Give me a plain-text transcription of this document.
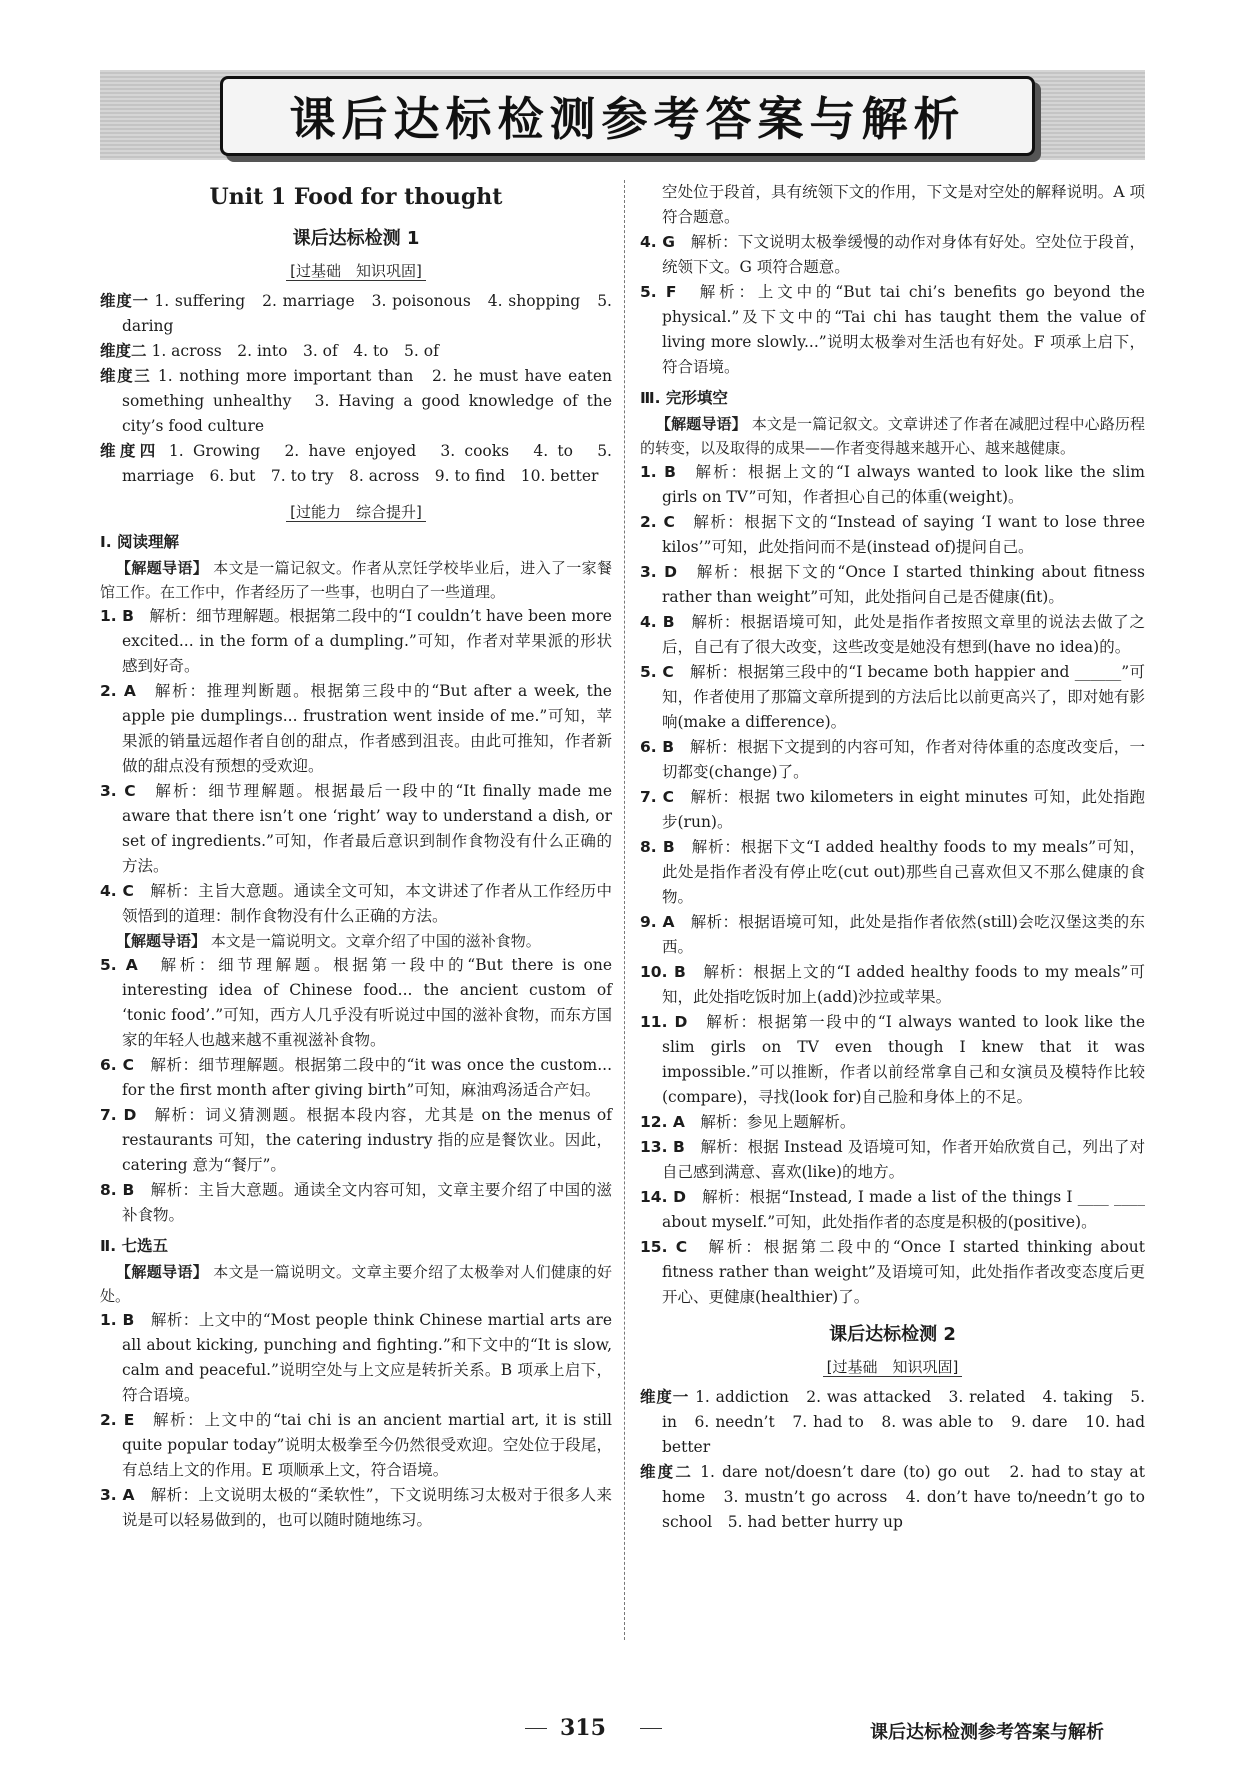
课后达标检测参考答案与解析
Unit 1 Food for thought
课后达标检测 1
[过基础　知识巩固]
维度一 1. suffering　2. marriage　3. poisonous　4. shopping　5. daring
维度二 1. across　2. into　3. of　4. to　5. of
维度三 1. nothing more important than　2. he must have eaten something unhealthy　3. Having a good knowledge of the city’s food culture
维度四 1. Growing　2. have enjoyed　3. cooks　4. to　5. marriage　6. but　7. to try　8. across　9. to find　10. better
[过能力　综合提升]
Ⅰ. 阅读理解
【解题导语】 本文是一篇记叙文。作者从烹饪学校毕业后，进入了一家餐馆工作。在工作中，作者经历了一些事，也明白了一些道理。
1. B　解析：细节理解题。根据第二段中的“I couldn’t have been more excited... in the form of a dumpling.”可知，作者对苹果派的形状感到好奇。
2. A　解析：推理判断题。根据第三段中的“But after a week, the apple pie dumplings... frustration went inside of me.”可知，苹果派的销量远超作者自创的甜点，作者感到沮丧。由此可推知，作者新做的甜点没有预想的受欢迎。
3. C　解析：细节理解题。根据最后一段中的“It finally made me aware that there isn’t one ‘right’ way to understand a dish, or set of ingredients.”可知，作者最后意识到制作食物没有什么正确的方法。
4. C　解析：主旨大意题。通读全文可知，本文讲述了作者从工作经历中领悟到的道理：制作食物没有什么正确的方法。
【解题导语】 本文是一篇说明文。文章介绍了中国的滋补食物。
5. A　解析：细节理解题。根据第一段中的“But there is one interesting idea of Chinese food... the ancient custom of ‘tonic food’.”可知，西方人几乎没有听说过中国的滋补食物，而东方国家的年轻人也越来越不重视滋补食物。
6. C　解析：细节理解题。根据第二段中的“it was once the custom... for the first month after giving birth”可知，麻油鸡汤适合产妇。
7. D　解析：词义猜测题。根据本段内容，尤其是 on the menus of restaurants 可知，the catering industry 指的应是餐饮业。因此，catering 意为“餐厅”。
8. B　解析：主旨大意题。通读全文内容可知，文章主要介绍了中国的滋补食物。
Ⅱ. 七选五
【解题导语】 本文是一篇说明文。文章主要介绍了太极拳对人们健康的好处。
1. B　解析：上文中的“Most people think Chinese martial arts are all about kicking, punching and fighting.”和下文中的“It is slow, calm and peaceful.”说明空处与上文应是转折关系。B 项承上启下，符合语境。
2. E　解析：上文中的“tai chi is an ancient martial art, it is still quite popular today”说明太极拳至今仍然很受欢迎。空处位于段尾，有总结上文的作用。E 项顺承上文，符合语境。
3. A　解析：上文说明太极的“柔软性”，下文说明练习太极对于很多人来说是可以轻易做到的，也可以随时随地练习。
空处位于段首，具有统领下文的作用，下文是对空处的解释说明。A 项符合题意。
4. G　解析：下文说明太极拳缓慢的动作对身体有好处。空处位于段首，统领下文。G 项符合题意。
5. F　解析：上文中的“But tai chi’s benefits go beyond the physical.”及下文中的“Tai chi has taught them the value of living more slowly...”说明太极拳对生活也有好处。F 项承上启下，符合语境。
Ⅲ. 完形填空
【解题导语】 本文是一篇记叙文。文章讲述了作者在减肥过程中心路历程的转变，以及取得的成果——作者变得越来越开心、越来越健康。
1. B　解析：根据上文的“I always wanted to look like the slim girls on TV”可知，作者担心自己的体重(weight)。
2. C　解析：根据下文的“Instead of saying ‘I want to lose three kilos’”可知，此处指问而不是(instead of)提问自己。
3. D　解析：根据下文的“Once I started thinking about fitness rather than weight”可知，此处指问自己是否健康(fit)。
4. B　解析：根据语境可知，此处是指作者按照文章里的说法去做了之后，自己有了很大改变，这些改变是她没有想到(have no idea)的。
5. C　解析：根据第三段中的“I became both happier and ______”可知，作者使用了那篇文章所提到的方法后比以前更高兴了，即对她有影响(make a difference)。
6. B　解析：根据下文提到的内容可知，作者对待体重的态度改变后，一切都变(change)了。
7. C　解析：根据 two kilometers in eight minutes 可知，此处指跑步(run)。
8. B　解析：根据下文“I added healthy foods to my meals”可知，此处是指作者没有停止吃(cut out)那些自己喜欢但又不那么健康的食物。
9. A　解析：根据语境可知，此处是指作者依然(still)会吃汉堡这类的东西。
10. B　解析：根据上文的“I added healthy foods to my meals”可知，此处指吃饭时加上(add)沙拉或苹果。
11. D　解析：根据第一段中的“I always wanted to look like the slim girls on TV even though I knew that it was impossible.”可以推断，作者以前经常拿自己和女演员及模特作比较(compare)，寻找(look for)自己脸和身体上的不足。
12. A　解析：参见上题解析。
13. B　解析：根据 Instead 及语境可知，作者开始欣赏自己，列出了对自己感到满意、喜欢(like)的地方。
14. D　解析：根据“Instead, I made a list of the things I ____ ____ about myself.”可知，此处指作者的态度是积极的(positive)。
15. C　解析：根据第二段中的“Once I started thinking about fitness rather than weight”及语境可知，此处指作者改变态度后更开心、更健康(healthier)了。
课后达标检测 2
[过基础　知识巩固]
维度一 1. addiction　2. was attacked　3. related　4. taking　5. in　6. needn’t　7. had to　8. was able to　9. dare　10. had better
维度二 1. dare not/doesn’t dare (to) go out　2. had to stay at home　3. mustn’t go across　4. don’t have to/needn’t go to school　5. had better hurry up
315	课后达标检测参考答案与解析
